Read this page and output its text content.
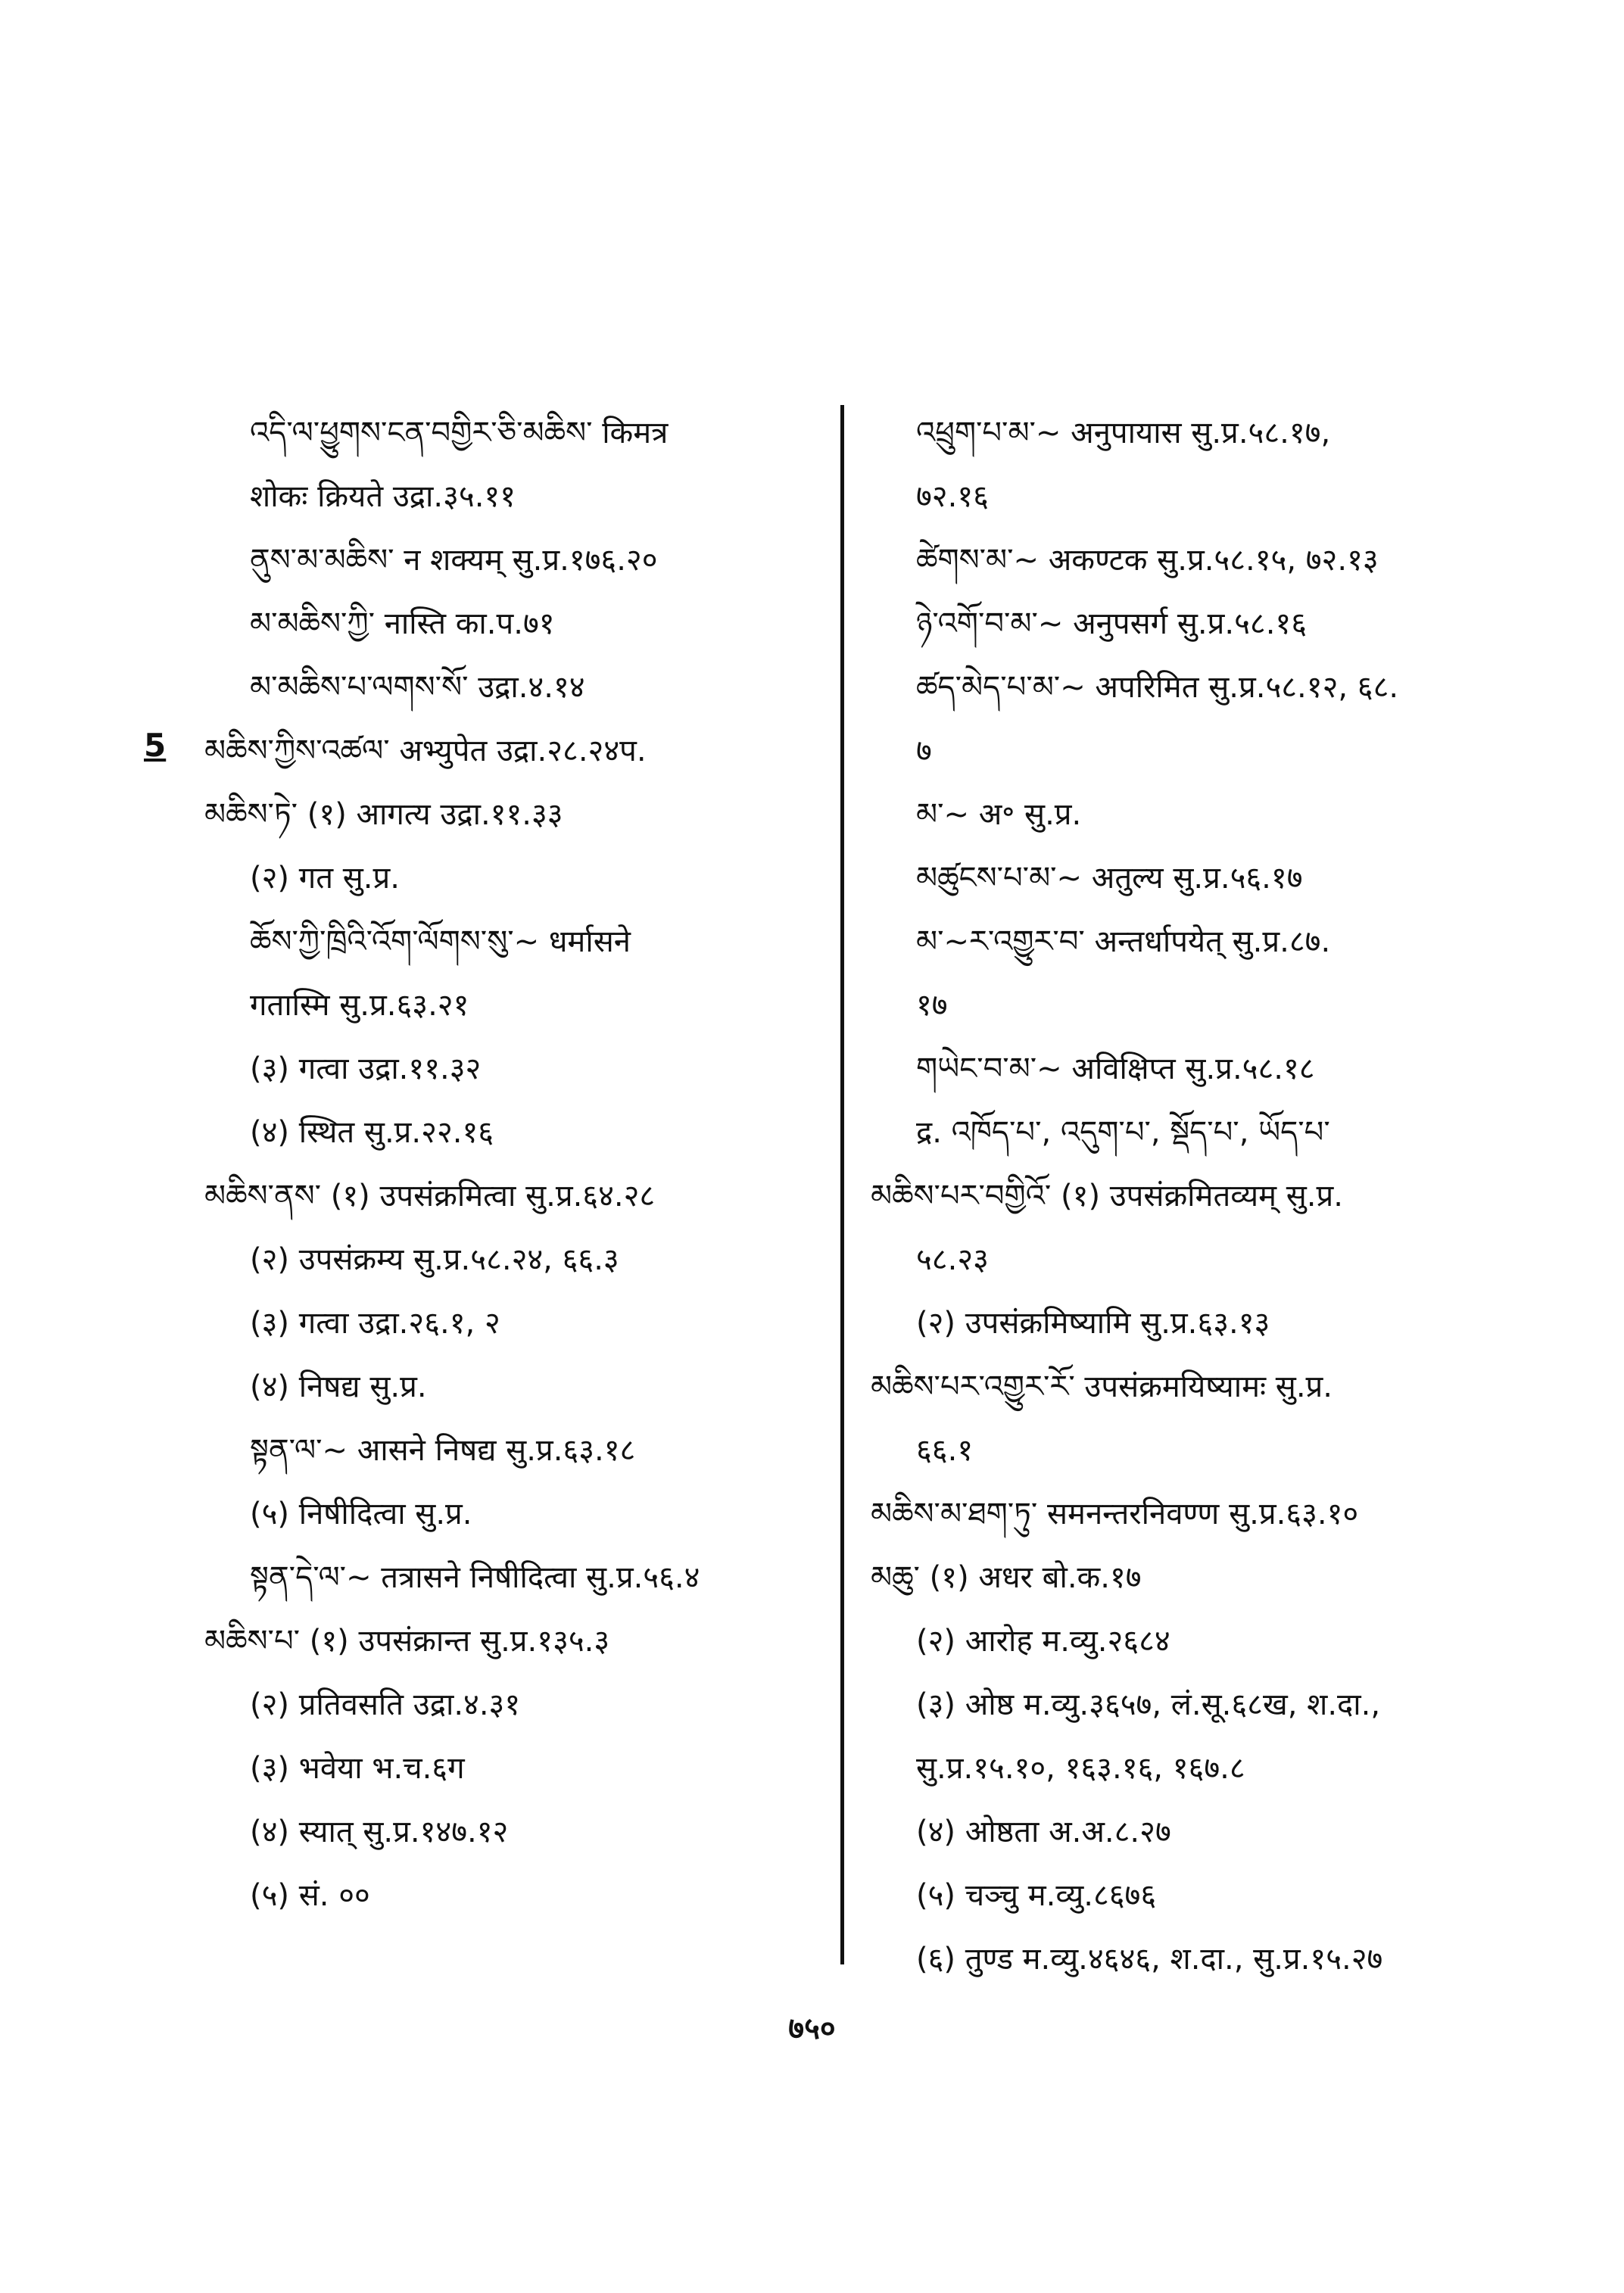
5
འདི་ལ་ཕྱུགས་ངན་བགྱིར་ཅི་མཆིས་ किमत्र
शोकः क्रियते उद्रा.३५.११
ནུས་མ་མཆིས་ न शक्यम् सु.प्र.१७६.२०
མ་མཆིས་ཀྱི་ नास्ति का.प.७१
མ་མཆིས་པ་ལགས་སོ་ उद्रा.४.१४
མཆིས་ཀྱིས་འཚལ་ अभ्युपेत उद्रा.२८.२४प.
མཆིས་ཏེ་ (१) आगत्य उद्रा.११.३३
(२) गत सु.प्र.
ཆོས་ཀྱི་ཁྲིའི་འོག་ལོགས་སུ་~ धर्मासने
गतास्मि सु.प्र.६३.२१
(३) गत्वा उद्रा.११.३२
(४) स्थित सु.प्र.२२.१६
མཆིས་ནས་ (१) उपसंक्रमित्वा सु.प्र.६४.२८
(२) उपसंक्रम्य सु.प्र.५८.२४, ६६.३
(३) गत्वा उद्रा.२६.१, २
(४) निषद्य सु.प्र.
སྟན་ལ་~ आसने निषद्य सु.प्र.६३.१८
(५) निषीदित्वा सु.प्र.
སྟན་དེ་ལ་~ तत्रासने निषीदित्वा सु.प्र.५६.४
མཆིས་པ་ (१) उपसंक्रान्त सु.प्र.१३५.३
(२) प्रतिवसति उद्रा.४.३१
(३) भवेया भ.च.६ग
(४) स्यात् सु.प्र.१४७.१२
(५) सं. ००
འཕྲུག་པ་མ་~ अनुपायास सु.प्र.५८.१७,
७२.१६
ཚེགས་མ་~ अकण्टक सु.प्र.५८.१५, ७२.१३
ཉེ་འགོ་བ་མ་~ अनुपसर्ग सु.प्र.५८.१६
ཚད་མེད་པ་མ་~ अपरिमित सु.प्र.५८.१२, ६८.
७
མ་~ अ॰ सु.प्र.
མཚུངས་པ་མ་~ अतुल्य सु.प्र.५६.१७
མ་~ར་འགྱུར་བ་ अन्तर्धापयेत् सु.प्र.८७.
१७
གཡེང་བ་མ་~ अविक्षिप्त सु.प्र.५८.१८
द्र. འཁོད་པ་, འདུག་པ་, སྡོད་པ་, ཡོད་པ་
མཆིས་པར་བགྱིའོ་ (१) उपसंक्रमितव्यम् सु.प्र.
५८.२३
(२) उपसंक्रमिष्यामि सु.प्र.६३.१३
མཆིས་པར་འགྱུར་རོ་ उपसंक्रमयिष्यामः सु.प्र.
६६.१
མཆིས་མ་ཐག་ཏུ་ समनन्तरनिवण्ण सु.प्र.६३.१०
མཆུ་ (१) अधर बो.क.१७
(२) आरोह म.व्यु.२६८४
(३) ओष्ठ म.व्यु.३६५७, लं.सू.६८ख, श.दा.,
सु.प्र.१५.१०, १६३.१६, १६७.८
(४) ओष्ठता अ.अ.८.२७
(५) चञ्चु म.व्यु.८६७६
(६) तुण्ड म.व्यु.४६४६, श.दा., सु.प्र.१५.२७
७५०
